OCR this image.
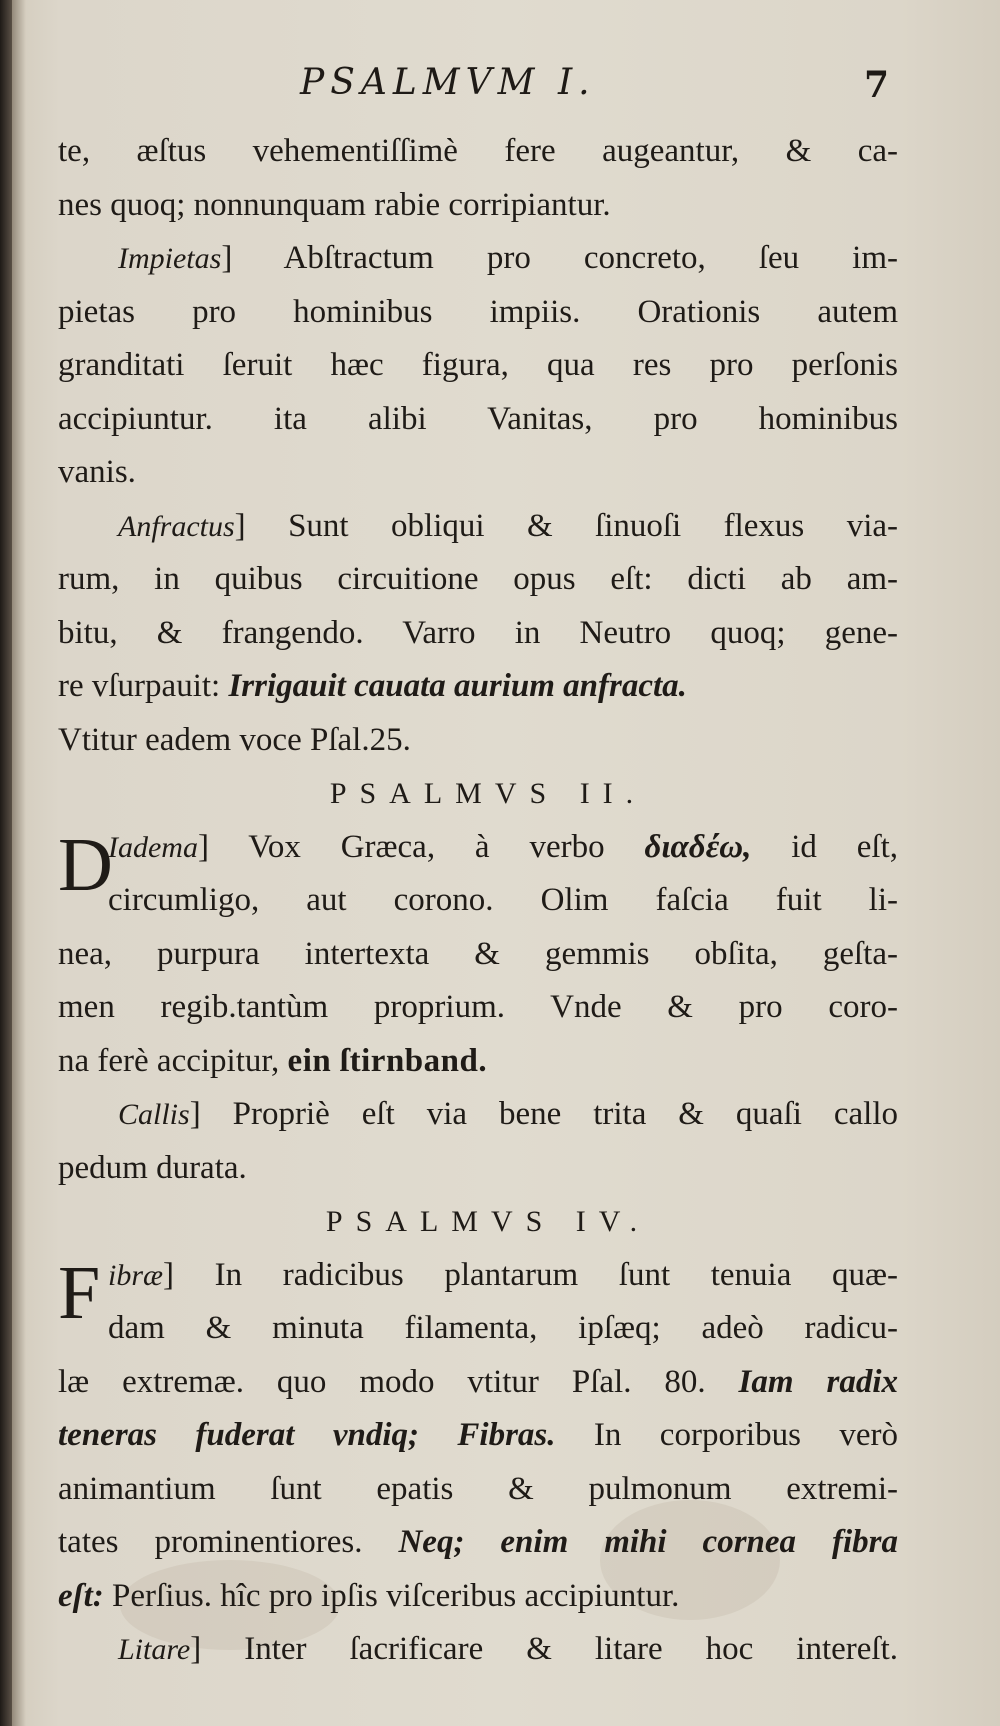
PSALMVM I.	7
te, æſtus vehementiſſimè fere augeantur, & ca-
nes quoq; nonnunquam rabie corripiantur.
Impietas] Abſtractum pro concreto, ſeu im-
pietas pro hominibus impiis. Orationis autem
granditati ſeruit hæc figura, qua res pro perſonis
accipiuntur. ita alibi Vanitas, pro hominibus
vanis.
Anfractus] Sunt obliqui & ſinuoſi flexus via-
rum, in quibus circuitione opus eſt: dicti ab am-
bitu, & frangendo. Varro in Neutro quoq; gene-
re vſurpauit: Irrigauit cauata aurium anfracta.
Vtitur eadem voce Pſal.25.
PSALMVS II.
D
Iadema] Vox Græca, à verbo διαδέω, id eſt,
circumligo, aut corono. Olim faſcia fuit li-
nea, purpura intertexta & gemmis obſita, geſta-
men regib.tantùm proprium. Vnde & pro coro-
na ferè accipitur, ein ſtirnband.
Callis] Propriè eſt via bene trita & quaſi callo
pedum durata.
PSALMVS IV.
F ibræ] In radicibus plantarum ſunt tenuia quæ-
dam & minuta filamenta, ipſæq; adeò radicu-
læ extremæ. quo modo vtitur Pſal. 80. Iam radix
teneras fuderat vndiq; Fibras. In corporibus verò
animantium ſunt epatis & pulmonum extremi-
tates prominentiores. Neq; enim mihi cornea fibra
eſt: Perſius. hîc pro ipſis viſceribus accipiuntur.
Litare] Inter ſacrificare & litare hoc intereſt.
